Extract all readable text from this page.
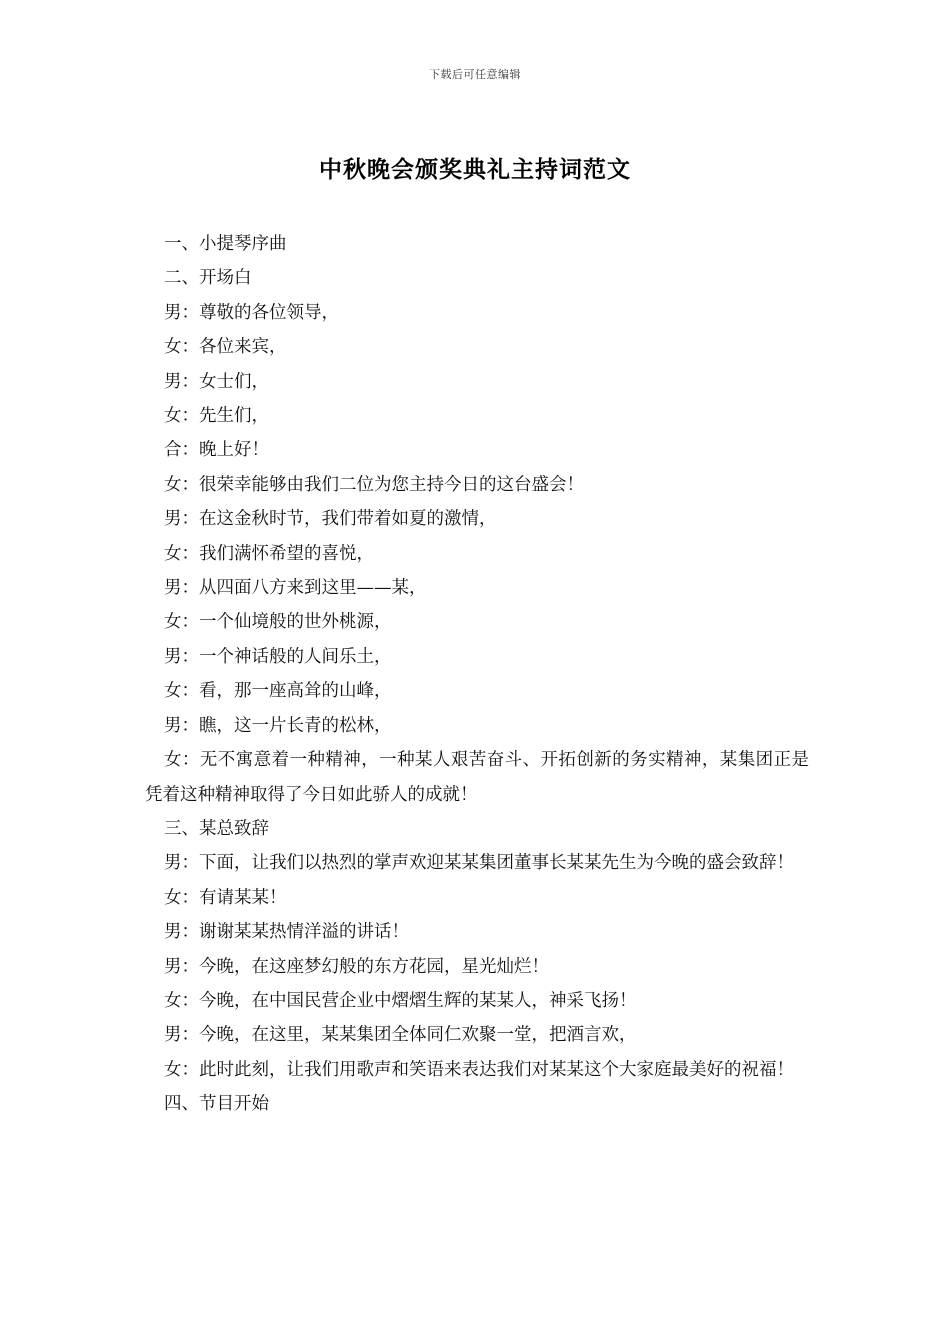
下载后可任意编辑
中秋晚会颁奖典礼主持词范文

一、小提琴序曲

二、开场白

男：尊敬的各位领导，

女：各位来宾，

男：女士们，

女：先生们，

合：晚上好！

女：很荣幸能够由我们二位为您主持今日的这台盛会！

男：在这金秋时节，我们带着如夏的激情，

女：我们满怀希望的喜悦，

男：从四面八方来到这里——某，

女：一个仙境般的世外桃源，

男：一个神话般的人间乐土，

女：看，那一座高耸的山峰，

男：瞧，这一片长青的松林，

女：无不寓意着一种精神，一种某人艰苦奋斗、开拓创新的务实精神，某集团正是凭着这种精神取得了今日如此骄人的成就！

三、某总致辞

男：下面，让我们以热烈的掌声欢迎某某集团董事长某某先生为今晚的盛会致辞！

女：有请某某！

男：谢谢某某热情洋溢的讲话！

男：今晚，在这座梦幻般的东方花园，星光灿烂！

女：今晚，在中国民营企业中熠熠生辉的某某人，神采飞扬！

男：今晚，在这里，某某集团全体同仁欢聚一堂，把酒言欢，

女：此时此刻，让我们用歌声和笑语来表达我们对某某这个大家庭最美好的祝福！

四、节目开始
